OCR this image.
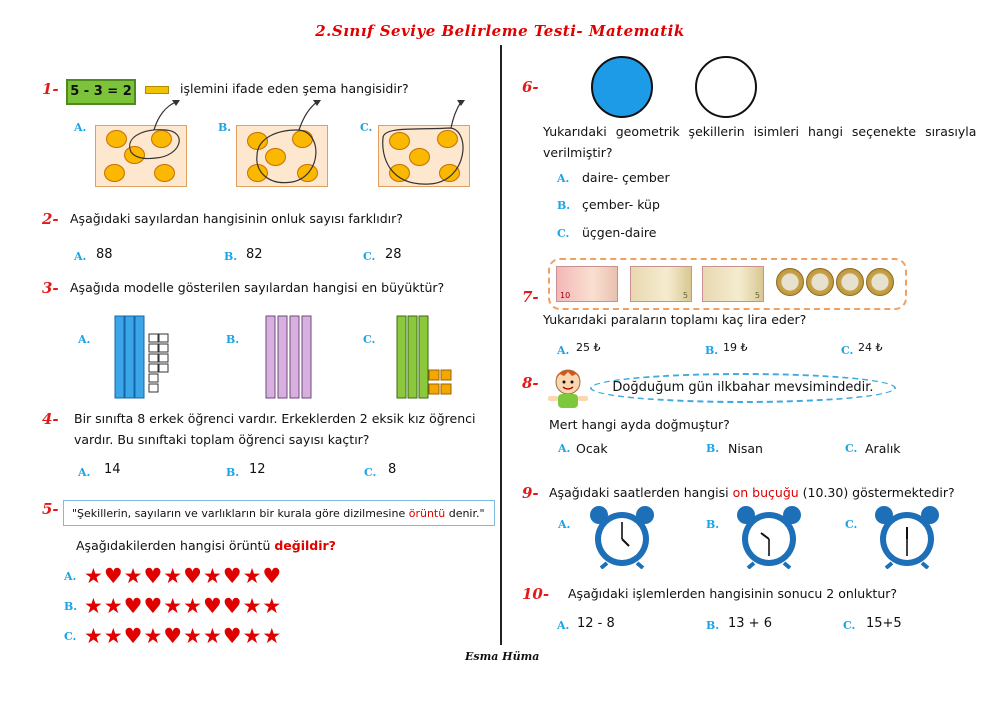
2.Sınıf Seviye Belirleme Testi- Matematik
1- 5 - 3 = 2	işlemini ifade eden şema hangisidir?
A.	B.	C.
2- Aşağıdaki sayılardan hangisinin onluk sayısı farklıdır?
A. 88	B. 82	C. 28
3- Aşağıda modelle gösterilen sayılardan hangisi en büyüktür?
A.	B.	C.
4- Bir sınıfta 8 erkek öğrenci vardır. Erkeklerden 2 eksik kız öğrenci
vardır. Bu sınıftaki toplam öğrenci sayısı kaçtır?
A. 14	B. 12	C. 8
5-	"Şekillerin, sayıların ve varlıkların bir kurala göre dizilmesine örüntü denir."
Aşağıdakilerden hangisi örüntü değildir?
A. ★♥★♥★♥★♥★♥
B. ★★♥♥★★♥♥★★
C. ★★♥★♥★★♥★★
Esma Hüma
6-
Yukarıdaki geometrik şekillerin isimleri hangi seçenekte sırasıyla
verilmiştir?
A. daire- çember
B. çember- küp
C. üçgen-daire
7-	10	5	5
Yukarıdaki paraların toplamı kaç lira eder?
A. 25 ₺	B. 19 ₺	C. 24 ₺
8-	Doğduğum gün ilkbahar mevsimindedir.
Mert hangi ayda doğmuştur?
A. Ocak	B. Nisan	C. Aralık
9- Aşağıdaki saatlerden hangisi on buçuğu (10.30) göstermektedir?
A.	B.	C.
10- Aşağıdaki işlemlerden hangisinin sonucu 2 onluktur?
A. 12 - 8	B. 13 + 6	C. 15+5
